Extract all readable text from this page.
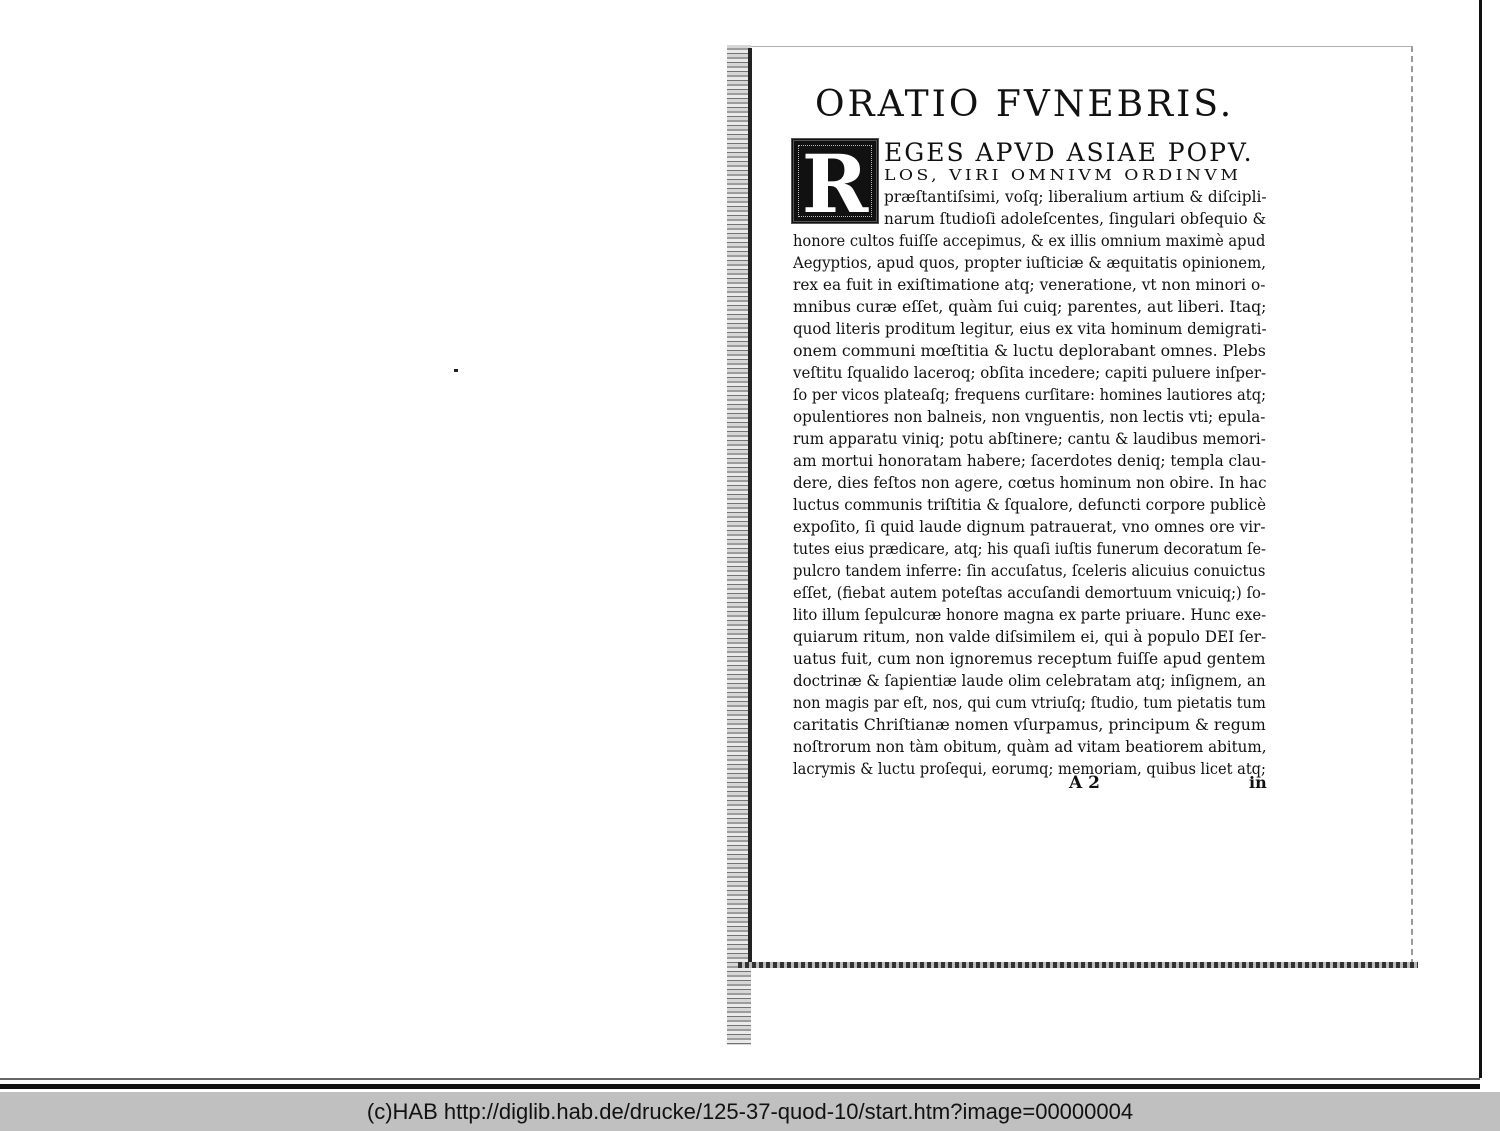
ORATIO FVNEBRIS.
R EGES APVD ASIAE POPV.
LOS, VIRI OMNIVM ORDINVM
præſtantiſsimi, voſq; liberalium artium & diſcipli-
narum ſtudioſi adoleſcentes, ſingulari obſequio &
honore cultos fuiſſe accepimus, & ex illis omnium maximè apud
Aegyptios, apud quos, propter iuſticiæ & æquitatis opinionem,
rex ea fuit in exiſtimatione atq; veneratione, vt non minori o-
mnibus curæ eſſet, quàm ſui cuiq; parentes, aut liberi. Itaq;
quod literis proditum legitur, eius ex vita hominum demigrati-
onem communi mœſtitia & luctu deplorabant omnes. Plebs
veſtitu ſqualido laceroq; obſita incedere; capiti puluere inſper-
ſo per vicos plateaſq; frequens curſitare: homines lautiores atq;
opulentiores non balneis, non vnguentis, non lectis vti; epula-
rum apparatu viniq; potu abſtinere; cantu & laudibus memori-
am mortui honoratam habere; ſacerdotes deniq; templa clau-
dere, dies feſtos non agere, cœtus hominum non obire. In hac
luctus communis triſtitia & ſqualore, defuncti corpore publicè
expoſito, ſi quid laude dignum patrauerat, vno omnes ore vir-
tutes eius prædicare, atq; his quaſi iuſtis funerum decoratum ſe-
pulcro tandem inferre: ſin accuſatus, ſceleris alicuius conuictus
eſſet, (fiebat autem poteſtas accuſandi demortuum vnicuiq;) ſo-
lito illum ſepulcuræ honore magna ex parte priuare. Hunc exe-
quiarum ritum, non valde diſsimilem ei, qui à populo DEI ſer-
uatus fuit, cum non ignoremus receptum fuiſſe apud gentem
doctrinæ & ſapientiæ laude olim celebratam atq; inſignem, an
non magis par eſt, nos, qui cum vtriuſq; ſtudio, tum pietatis tum
caritatis Chriſtianæ nomen vſurpamus, principum & regum
noſtrorum non tàm obitum, quàm ad vitam beatiorem abitum,
lacrymis & luctu proſequi, eorumq; memoriam, quibus licet atq;
A 2	in
(c)HAB http://diglib.hab.de/drucke/125-37-quod-10/start.htm?image=00000004
